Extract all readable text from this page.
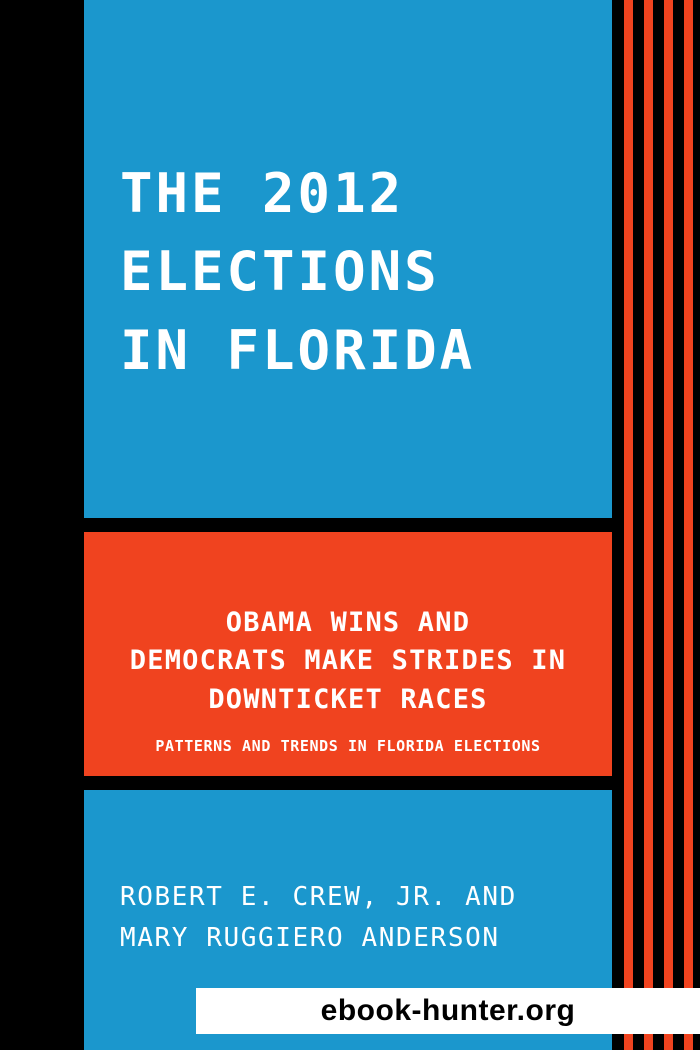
THE 2012
ELECTIONS
IN FLORIDA
OBAMA WINS AND
DEMOCRATS MAKE STRIDES IN
DOWNTICKET RACES
PATTERNS AND TRENDS IN FLORIDA ELECTIONS
ROBERT E. CREW, JR. AND
MARY RUGGIERO ANDERSON
ebook-hunter.org
